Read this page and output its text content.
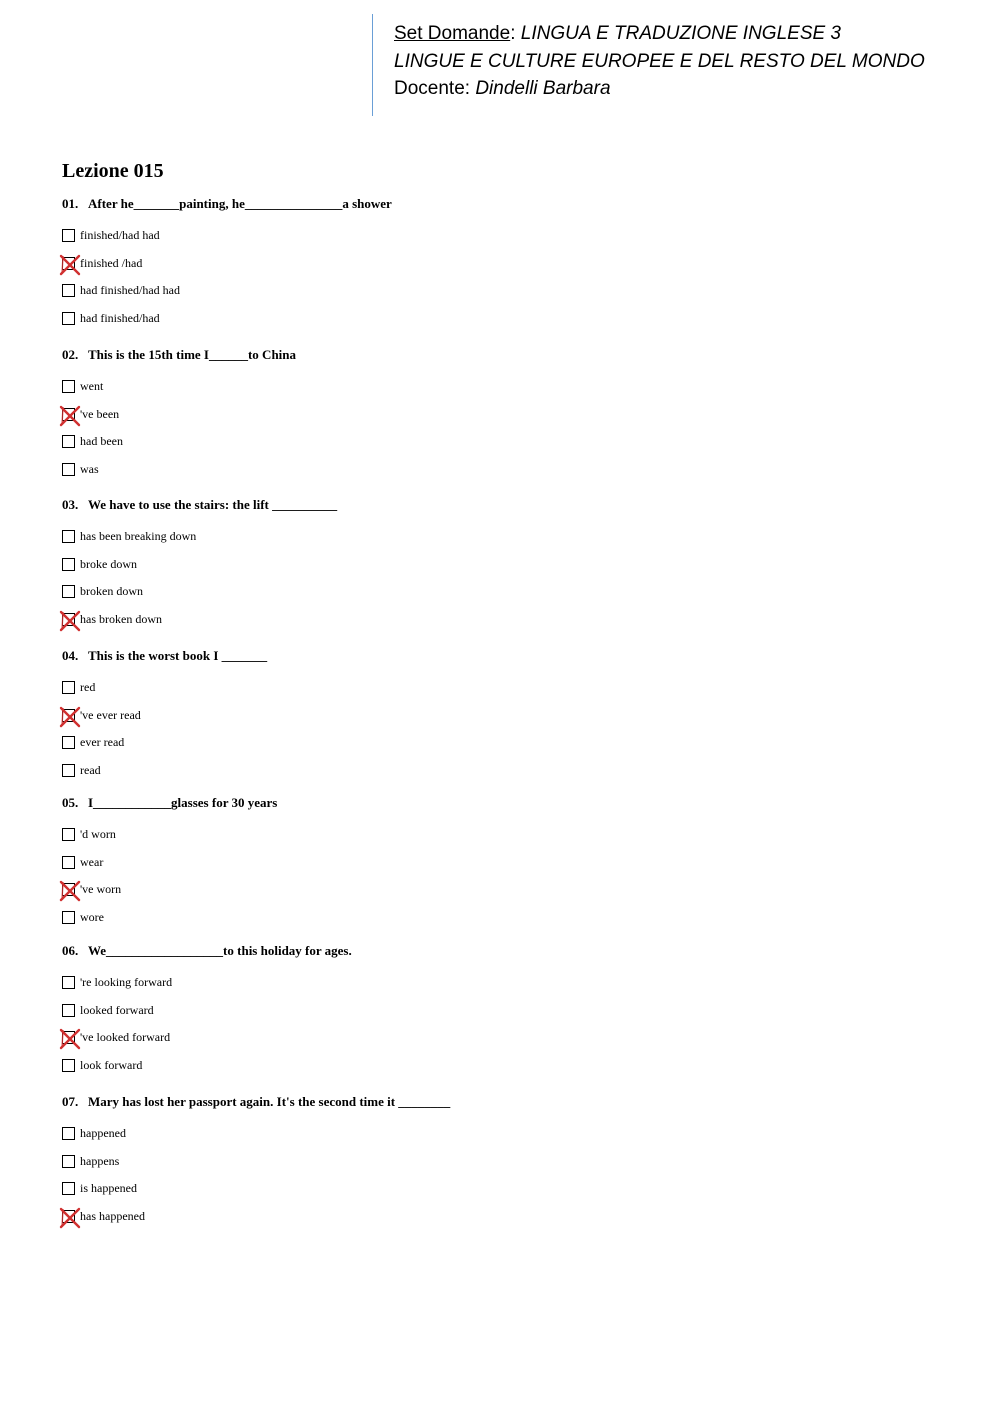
Set Domande: LINGUA E TRADUZIONE INGLESE 3
LINGUE E CULTURE EUROPEE E DEL RESTO DEL MONDO
Docente: Dindelli Barbara
Lezione 015
01. After he_______painting, he_______________a shower
finished/had had
finished /had
had finished/had had
had finished/had
02. This is the 15th time I______to China
went
've been
had been
was
03. We have to use the stairs: the lift __________
has been breaking down
broke down
broken down
has broken down
04. This is the worst book I _______
red
've ever read
ever read
read
05. I____________glasses for 30 years
'd worn
wear
've worn
wore
06. We__________________to this holiday for ages.
're looking forward
looked forward
've looked forward
look forward
07. Mary has lost her passport again. It's the second time it ________
happened
happens
is happened
has happened
